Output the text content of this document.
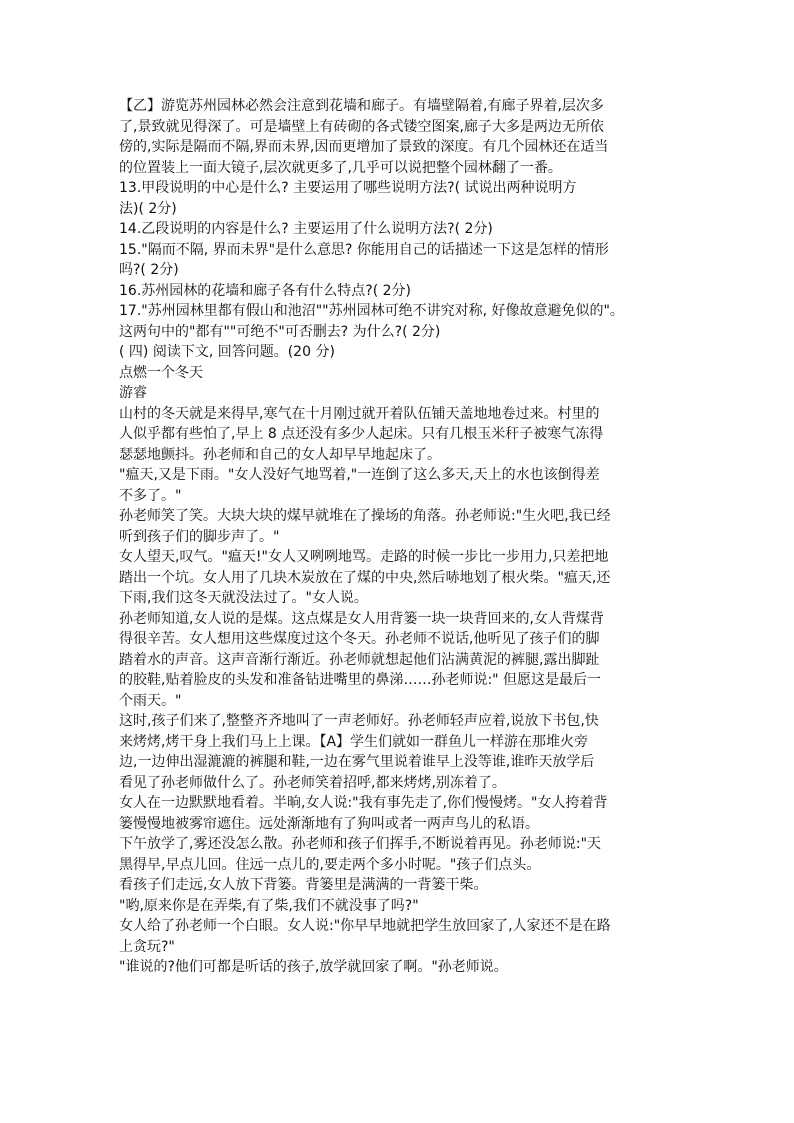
【乙】游览苏州园林必然会注意到花墙和廊子。有墙壁隔着,有廊子界着,层次多
了,景致就见得深了。可是墙壁上有砖砌的各式镂空图案,廊子大多是两边无所依
傍的,实际是隔而不隔,界而未界,因而更增加了景致的深度。有几个园林还在适当
的位置装上一面大镜子,层次就更多了,几乎可以说把整个园林翻了一番。
13.甲段说明的中心是什么? 主要运用了哪些说明方法?( 试说出两种说明方
法)( 2分)
14.乙段说明的内容是什么? 主要运用了什么说明方法?( 2分)
15."隔而不隔, 界而未界"是什么意思? 你能用自己的话描述一下这是怎样的情形
吗?( 2分)
16.苏州园林的花墙和廊子各有什么特点?( 2分)
17."苏州园林里都有假山和池沼""苏州园林可绝不讲究对称, 好像故意避免似的"。
这两句中的"都有""可绝不"可否删去? 为什么?( 2分)
( 四) 阅读下文, 回答问题。(20 分)
点燃一个冬天
游睿
山村的冬天就是来得早,寒气在十月刚过就开着队伍铺天盖地地卷过来。村里的
人似乎都有些怕了,早上 8 点还没有多少人起床。只有几根玉米秆子被寒气冻得
瑟瑟地颤抖。孙老师和自己的女人却早早地起床了。
"瘟天,又是下雨。"女人没好气地骂着,"一连倒了这么多天,天上的水也该倒得差
不多了。"
孙老师笑了笑。大块大块的煤早就堆在了操场的角落。孙老师说:"生火吧,我已经
听到孩子们的脚步声了。"
女人望天,叹气。"瘟天!"女人又咧咧地骂。走路的时候一步比一步用力,只差把地
踏出一个坑。女人用了几块木炭放在了煤的中央,然后哧地划了根火柴。"瘟天,还
下雨,我们这冬天就没法过了。"女人说。
孙老师知道,女人说的是煤。这点煤是女人用背篓一块一块背回来的,女人背煤背
得很辛苦。女人想用这些煤度过这个冬天。孙老师不说话,他听见了孩子们的脚
踏着水的声音。这声音渐行渐近。孙老师就想起他们沾满黄泥的裤腿,露出脚趾
的胶鞋,贴着脸皮的头发和准备钻进嘴里的鼻涕……孙老师说:" 但愿这是最后一
个雨天。"
这时,孩子们来了,整整齐齐地叫了一声老师好。孙老师轻声应着,说放下书包,快
来烤烤,烤干身上我们马上上课。【A】学生们就如一群鱼儿一样游在那堆火旁
边,一边伸出湿漉漉的裤腿和鞋,一边在雾气里说着谁早上没等谁,谁昨天放学后
看见了孙老师做什么了。孙老师笑着招呼,都来烤烤,别冻着了。
女人在一边默默地看着。半晌,女人说:"我有事先走了,你们慢慢烤。"女人挎着背
篓慢慢地被雾帘遮住。远处渐渐地有了狗叫或者一两声鸟儿的私语。
下午放学了,雾还没怎么散。孙老师和孩子们挥手,不断说着再见。孙老师说:"天
黑得早,早点儿回。住远一点儿的,要走两个多小时呢。"孩子们点头。
看孩子们走远,女人放下背篓。背篓里是满满的一背篓干柴。
"哟,原来你是在弄柴,有了柴,我们不就没事了吗?"
女人给了孙老师一个白眼。女人说:"你早早地就把学生放回家了,人家还不是在路
上贪玩?"
"谁说的?他们可都是听话的孩子,放学就回家了啊。"孙老师说。
